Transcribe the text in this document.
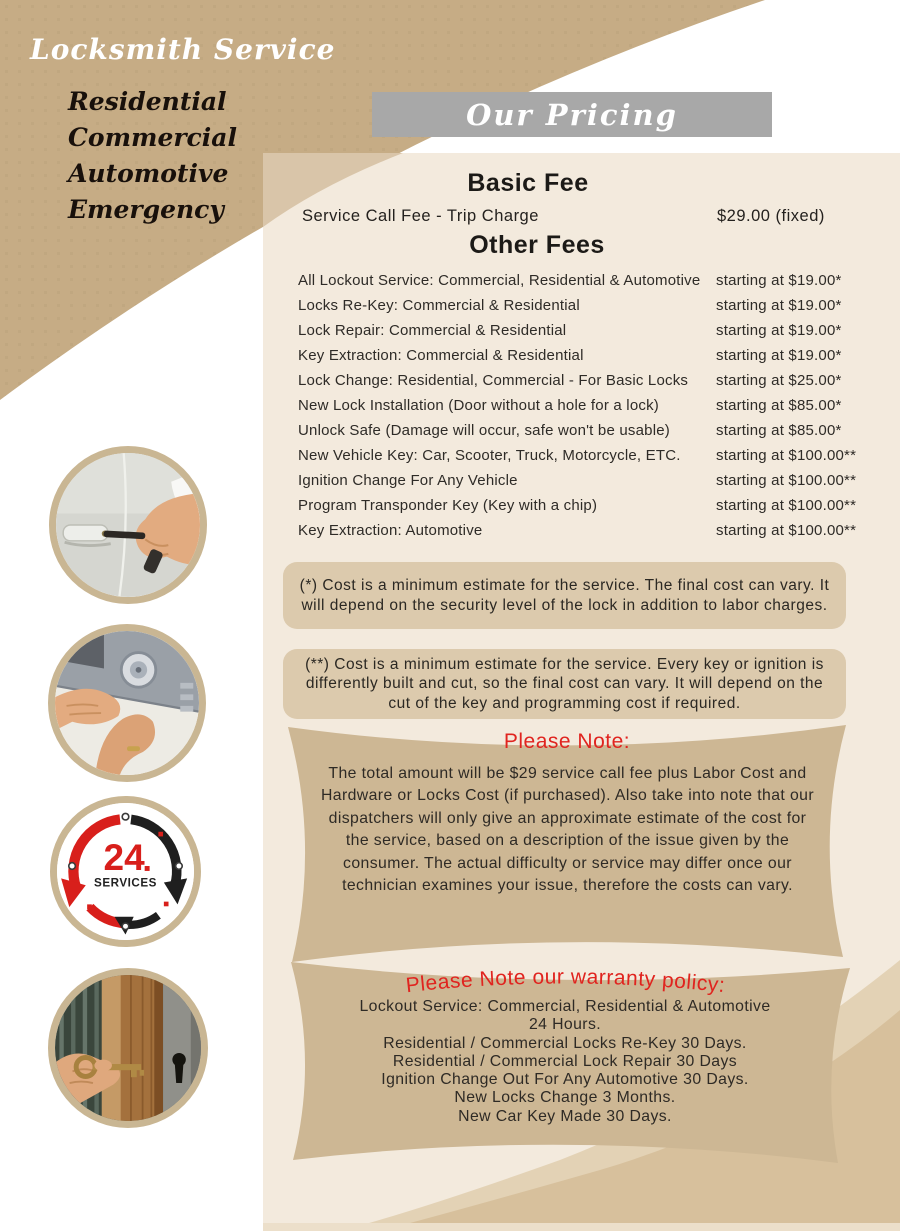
Locksmith Service
Residential
Commercial
Automotive
Emergency
Our Pricing
Basic Fee
Service Call Fee - Trip Charge	$29.00 (fixed)
Other Fees
All Lockout Service: Commercial, Residential & Automotive starting at $19.00*
Locks Re-Key: Commercial & Residential	starting at $19.00*
Lock Repair: Commercial & Residential	starting at $19.00*
Key Extraction: Commercial & Residential	starting at $19.00*
Lock Change: Residential, Commercial - For Basic Locks starting at $25.00*
New Lock Installation (Door without a hole for a lock)	starting at $85.00*
Unlock Safe (Damage will occur, safe won't be usable)	starting at $85.00*
New Vehicle Key: Car, Scooter, Truck, Motorcycle, ETC. starting at $100.00**
Ignition Change For Any Vehicle	starting at $100.00**
Program Transponder Key (Key with a chip)	starting at $100.00**
Key Extraction: Automotive	starting at $100.00**
(*) Cost is a minimum estimate for the service. The final cost can vary. It will depend on the security level of the lock in addition to labor charges.
(**) Cost is a minimum estimate for the service. Every key or ignition is differently built and cut, so the final cost can vary. It will depend on the cut of the key and programming cost if required.
Please Note:
The total amount will be $29 service call fee plus Labor Cost and Hardware or Locks Cost (if purchased). Also take into note that our dispatchers will only give an approximate estimate of the cost for the service, based on a description of the issue given by the consumer. The actual difficulty or service may differ once our technician examines your issue, therefore the costs can vary.
Please Note our warranty policy:
Lockout Service: Commercial, Residential & Automotive
24 Hours.
Residential / Commercial Locks Re-Key 30 Days.
Residential / Commercial Lock Repair 30 Days
Ignition Change Out For Any Automotive 30 Days.
New Locks Change 3 Months.
New Car Key Made 30 Days.
24
SERVICES
